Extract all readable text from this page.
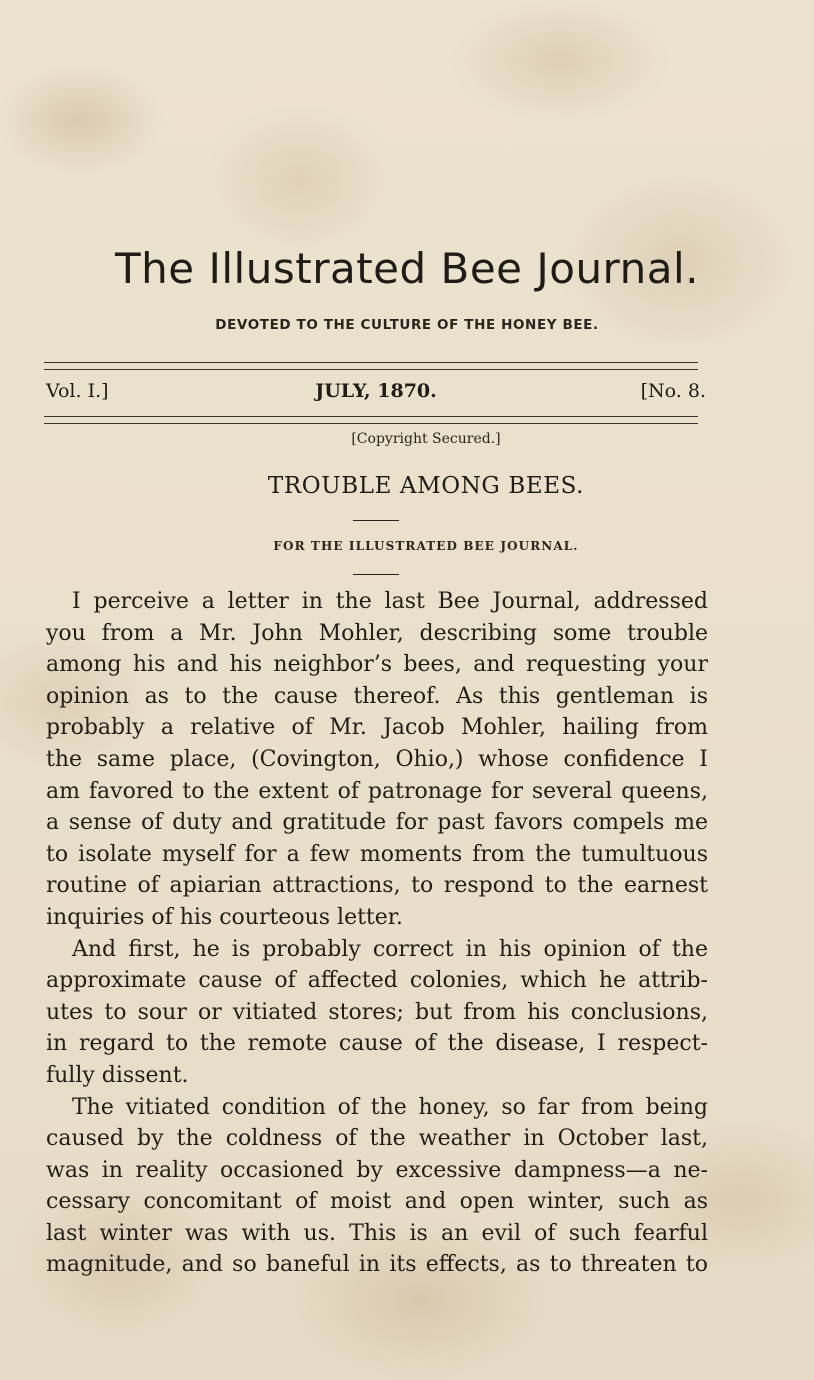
The Illustrated Bee Journal.
DEVOTED TO THE CULTURE OF THE HONEY BEE.
Vol. I.]	JULY, 1870.	[No. 8.
[Copyright Secured.]
TROUBLE AMONG BEES.
FOR THE ILLUSTRATED BEE JOURNAL.
I perceive a letter in the last Bee Journal, addressed
you from a Mr. John Mohler, describing some trouble
among his and his neighbor’s bees, and requesting your
opinion as to the cause thereof. As this gentleman is
probably a relative of Mr. Jacob Mohler, hailing from
the same place, (Covington, Ohio,) whose confidence I
am favored to the extent of patronage for several queens,
a sense of duty and gratitude for past favors compels me
to isolate myself for a few moments from the tumultuous
routine of apiarian attractions, to respond to the earnest
inquiries of his courteous letter.
And first, he is probably correct in his opinion of the
approximate cause of affected colonies, which he attrib-
utes to sour or vitiated stores; but from his conclusions,
in regard to the remote cause of the disease, I respect-
fully dissent.
The vitiated condition of the honey, so far from being
caused by the coldness of the weather in October last,
was in reality occasioned by excessive dampness—a ne-
cessary concomitant of moist and open winter, such as
last winter was with us. This is an evil of such fearful
magnitude, and so baneful in its effects, as to threaten to
